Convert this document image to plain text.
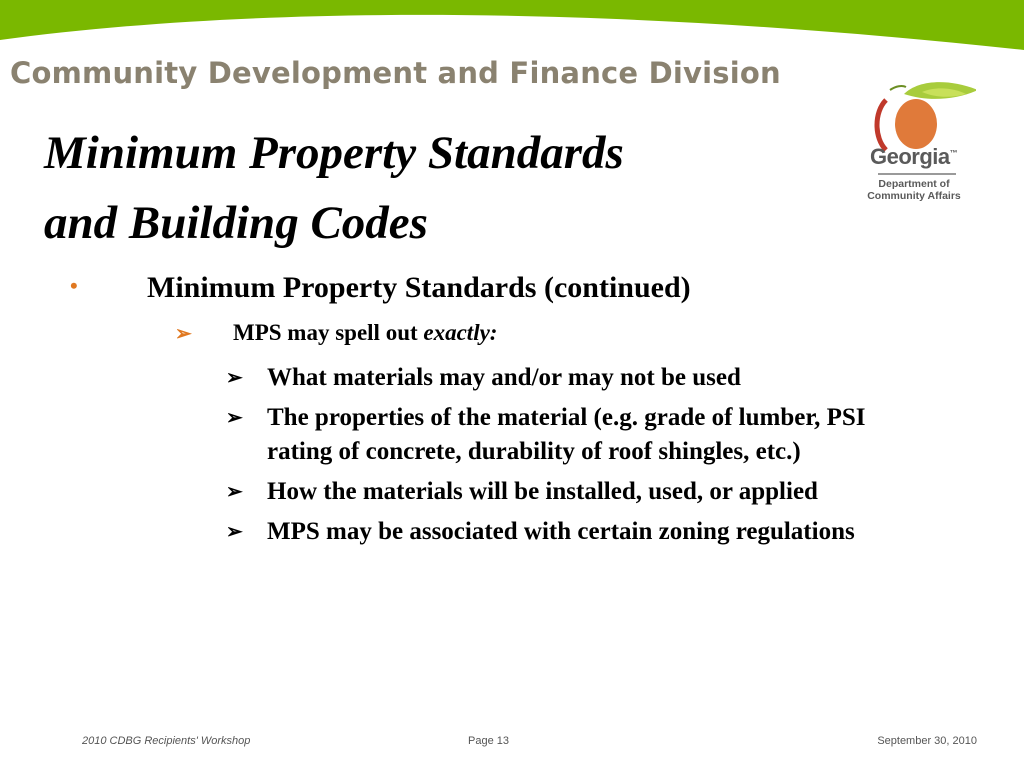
Community Development and Finance Division
Georgia™
Department of
Community Affairs
Minimum Property Standards
and Building Codes
• Minimum Property Standards (continued)
➢ MPS may spell out exactly:
➢ What materials may and/or may not be used
➢ The properties of the material (e.g. grade of lumber, PSI rating of concrete, durability of roof shingles, etc.)
➢ How the materials will be installed, used, or applied
➢ MPS may be associated with certain zoning regulations
2010 CDBG Recipients' Workshop	Page 13	September 30, 2010
